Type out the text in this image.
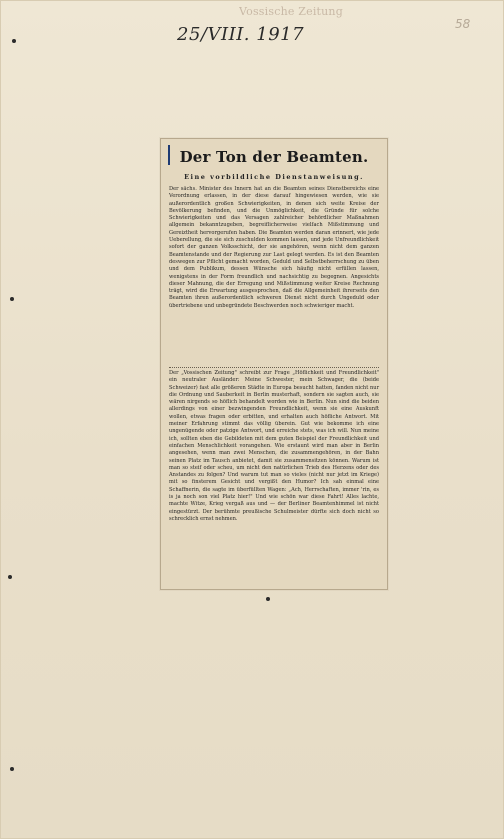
Vossische Zeitung
58
25/VIII. 1917
Der Ton der Beamten.
Eine vorbildliche Dienstanweisung.
Der sächs. Minister des Innern hat an die Beamten seines Dienstbereichs eine Verordnung erlassen, in der diese darauf hingewiesen werden, wie sie außerordentlich großen Schwierigkeiten, in denen sich weite Kreise der Bevölkerung befinden, und die Unmöglichkeit, die Gründe für solche Schwierigkeiten und das Versagen zahlreicher behördlicher Maßnahmen allgemein bekanntzugeben, begreiflicherweise vielfach Mißstimmung und Gereiztheit hervorgerufen haben. Die Beamten werden daran erinnert, wie jede Ueberellung, die sie sich zuschulden kommen lassen, und jede Unfreundlichkeit sofort der ganzen Volksschicht, der sie angehören, wenn nicht dem ganzen Beamtenstande und der Regierung zur Last gelegt werden. Es ist den Beamten deswegen zur Pflicht gemacht worden, Geduld und Selbstbeherrschung zu üben und dem Publikum, dessen Wünsche sich häufig nicht erfüllen lassen, wenigstens in der Form freundlich und nachsichtig zu begegnen. Angesichts dieser Mahnung, die der Erregung und Mißstimmung weiter Kreise Rechnung trägt, wird die Erwartung ausgesprochen, daß die Allgemeinheit ihrerseits den Beamten ihren außerordentlich schweren Dienst nicht durch Ungeduld oder übertriebene und unbegründete Beschwerden noch schwieriger macht.
Der „Vossischen Zeitung" schreibt zur Frage „Höflichkeit und Freundlichkeit" ein neutraler Ausländer: Meine Schwester, mein Schwager, die (beide Schweizer) fast alle größeren Städte in Europa besucht hatten, fanden nicht nur die Ordnung und Sauberkeit in Berlin musterhaft, sondern sie sagten auch, sie wären nirgends so höflich behandelt worden wie in Berlin. Nun sind die beiden allerdings von einer bezwingenden Freundlichkeit, wenn sie eine Auskunft wollen, etwas fragen oder erbitten, und erhalten auch höfliche Antwort. Mit meiner Erfahrung stimmt das völlig überein. Gut wie bekomme ich eine ungenügende oder patzige Antwort, und erreiche stets, was ich will. Nun meine ich, sollten eben die Gebildeten mit dem guten Beispiel der Freundlichkeit und einfachen Menschlichkeit vorangehen. Wie erstaunt wird man aber in Berlin angesehen, wenn man zwei Menschen, die zusammengehören, in der Bahn seinen Platz im Tausch anbietet, damit sie zusammensitzen können. Warum ist man so steif oder scheu, um nicht den natürlichen Trieb des Herzens oder des Anstandes zu folgen? Und warum tut man so vieles (nicht nur jetzt im Kriege) mit so finsterem Gesicht und vergißt den Humor? Ich sah einmal eine Schaffnerin, die sagte im überfüllten Wagen: „Ach, Herrschaften, immer 'rin, es is ja noch son viel Platz hier!" Und wie schön war diese Fahrt! Alles lachte, machte Witze, Krieg vergaß aus und — der Berliner Beamtenhimmel ist nicht eingestürzt. Der berühmte preußische Schulmeister dürfte sich doch nicht so schrecklich ernst nehmen.
